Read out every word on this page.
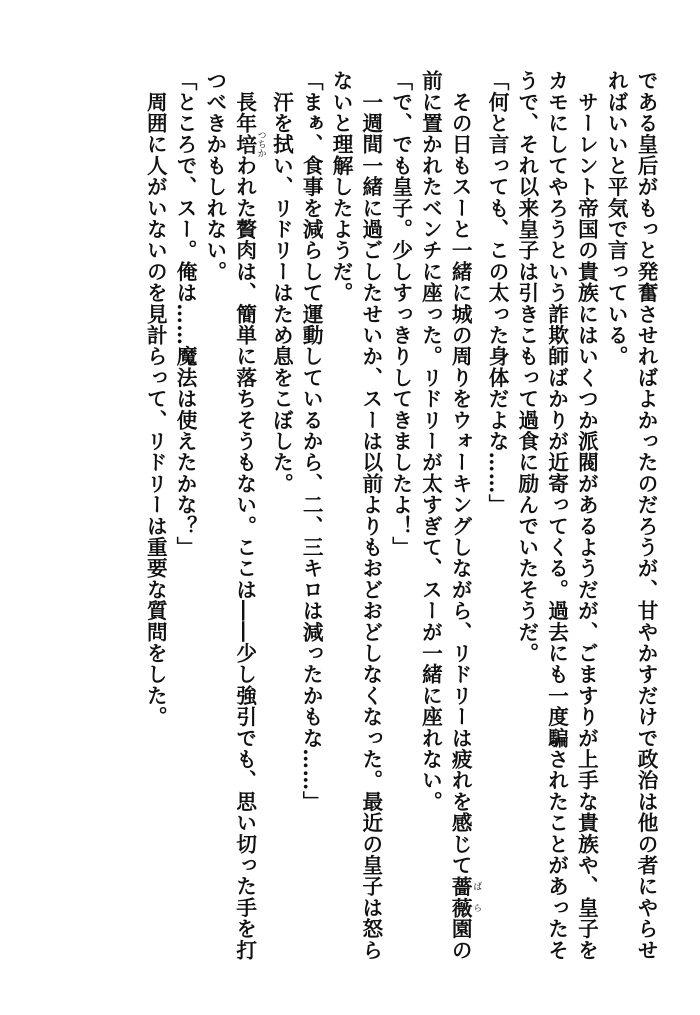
である皇后がもっと発奮させればよかったのだろうが、甘やかすだけで政治は他の者にやらせ
ればいいと平気で言っている。
　サーレント帝国の貴族にはいくつか派閥があるようだが、ごますりが上手な貴族や、皇子を
カモにしてやろうという詐欺師ばかりが近寄ってくる。過去にも一度騙されたことがあったそ
うで、それ以来皇子は引きこもって過食に励んでいたそうだ。
「何と言っても、この太った身体だよな……」
　その日もスーと一緒に城の周りをウォーキングしながら、リドリーは疲れを感じて薔薇 ばら園の
前に置かれたベンチに座った。リドリーが太すぎて、スーが一緒に座れない。
「で、でも皇子。少しすっきりしてきましたよ！」
　一週間一緒に過ごしたせいか、スーは以前よりもおどおどしなくなった。最近の皇子は怒ら
ないと理解したようだ。
「まぁ、食事を減らして運動しているから、二、三キロは減ったかもな……」
　汗を拭い、リドリーはため息をこぼした。
　長年培 つちかわれた贅肉は、簡単に落ちそうもない。ここは――少し強引でも、思い切った手を打
つべきかもしれない。
「ところで、スー。俺は……魔法は使えたかな？」
　周囲に人がいないのを見計らって、リドリーは重要な質問をした。
